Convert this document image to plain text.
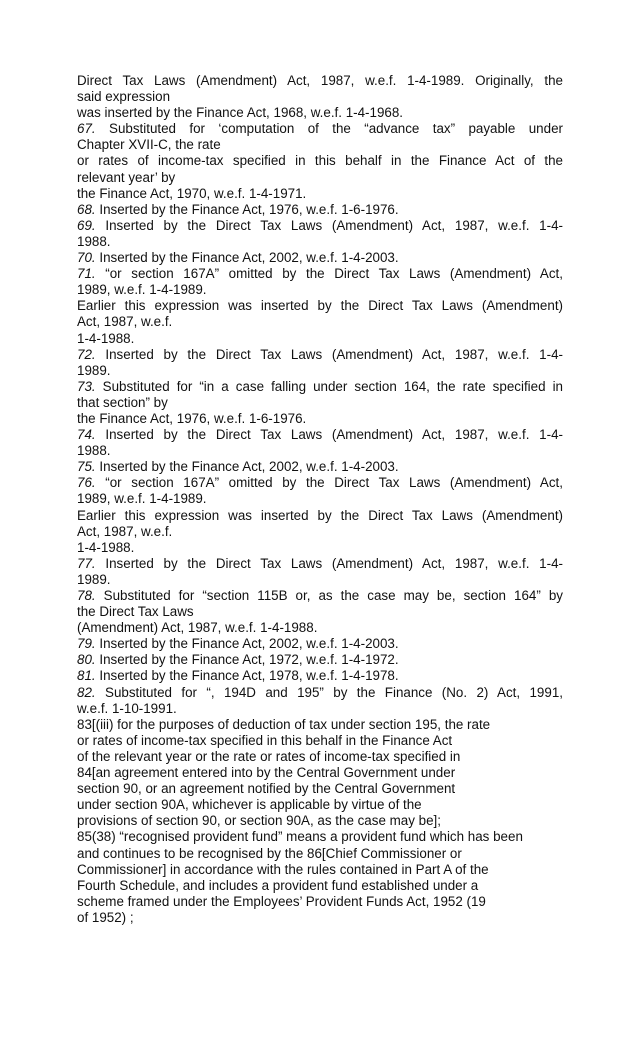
Direct Tax Laws (Amendment) Act, 1987, w.e.f. 1-4-1989. Originally, the
said expression
was inserted by the Finance Act, 1968, w.e.f. 1-4-1968.
67. Substituted for ‘computation of the “advance tax” payable under
Chapter XVII-C, the rate
or rates of income-tax specified in this behalf in the Finance Act of the
relevant year’ by
the Finance Act, 1970, w.e.f. 1-4-1971.
68. Inserted by the Finance Act, 1976, w.e.f. 1-6-1976.
69. Inserted by the Direct Tax Laws (Amendment) Act, 1987, w.e.f. 1-4-
1988.
70. Inserted by the Finance Act, 2002, w.e.f. 1-4-2003.
71. “or section 167A” omitted by the Direct Tax Laws (Amendment) Act,
1989, w.e.f. 1-4-1989.
Earlier this expression was inserted by the Direct Tax Laws (Amendment)
Act, 1987, w.e.f.
1-4-1988.
72. Inserted by the Direct Tax Laws (Amendment) Act, 1987, w.e.f. 1-4-
1989.
73. Substituted for “in a case falling under section 164, the rate specified in
that section” by
the Finance Act, 1976, w.e.f. 1-6-1976.
74. Inserted by the Direct Tax Laws (Amendment) Act, 1987, w.e.f. 1-4-
1988.
75. Inserted by the Finance Act, 2002, w.e.f. 1-4-2003.
76. “or section 167A” omitted by the Direct Tax Laws (Amendment) Act,
1989, w.e.f. 1-4-1989.
Earlier this expression was inserted by the Direct Tax Laws (Amendment)
Act, 1987, w.e.f.
1-4-1988.
77. Inserted by the Direct Tax Laws (Amendment) Act, 1987, w.e.f. 1-4-
1989.
78. Substituted for “section 115B or, as the case may be, section 164” by
the Direct Tax Laws
(Amendment) Act, 1987, w.e.f. 1-4-1988.
79. Inserted by the Finance Act, 2002, w.e.f. 1-4-2003.
80. Inserted by the Finance Act, 1972, w.e.f. 1-4-1972.
81. Inserted by the Finance Act, 1978, w.e.f. 1-4-1978.
82. Substituted for “, 194D and 195” by the Finance (No. 2) Act, 1991,
w.e.f. 1-10-1991.
83[(iii) for the purposes of deduction of tax under section 195, the rate
or rates of income-tax specified in this behalf in the Finance Act
of the relevant year or the rate or rates of income-tax specified in
84[an agreement entered into by the Central Government under
section 90, or an agreement notified by the Central Government
under section 90A, whichever is applicable by virtue of the
provisions of section 90, or section 90A, as the case may be];
85(38) “recognised provident fund” means a provident fund which has been
and continues to be recognised by the 86[Chief Commissioner or
Commissioner] in accordance with the rules contained in Part A of the
Fourth Schedule, and includes a provident fund established under a
scheme framed under the Employees’ Provident Funds Act, 1952 (19
of 1952) ;
